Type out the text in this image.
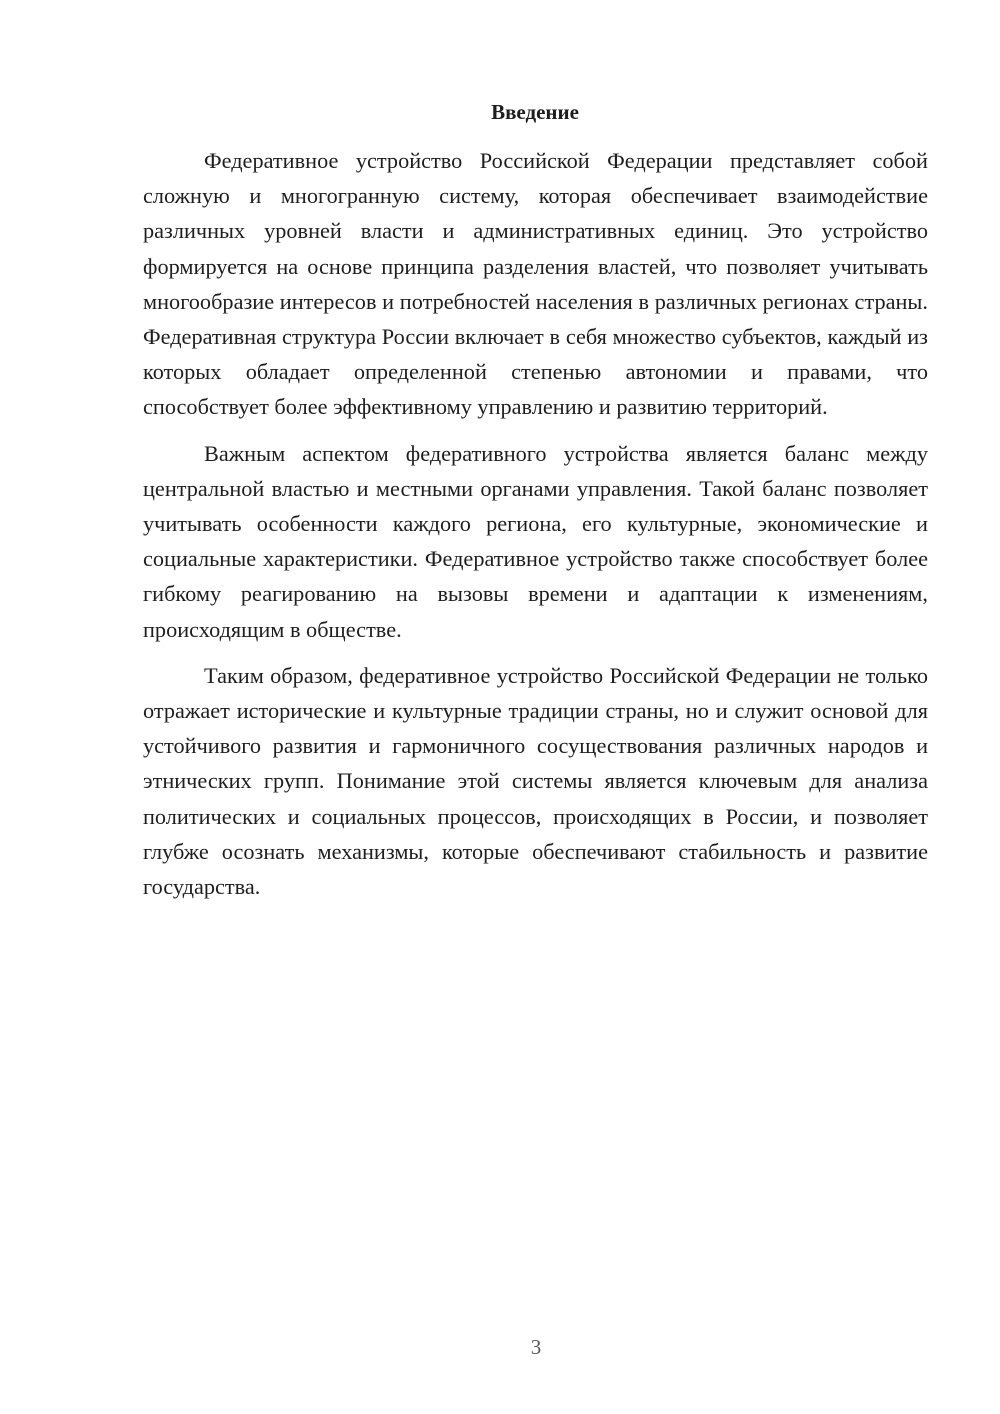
Введение

Федеративное устройство Российской Федерации представляет собой сложную и многогранную систему, которая обеспечивает взаимодействие различных уровней власти и административных единиц. Это устройство формируется на основе принципа разделения властей, что позволяет учитывать многообразие интересов и потребностей населения в различных регионах страны. Федеративная структура России включает в себя множество субъектов, каждый из которых обладает определенной степенью автономии и правами, что способствует более эффективному управлению и развитию территорий.

Важным аспектом федеративного устройства является баланс между центральной властью и местными органами управления. Такой баланс позволяет учитывать особенности каждого региона, его культурные, экономические и социальные характеристики. Федеративное устройство также способствует более гибкому реагированию на вызовы времени и адаптации к изменениям, происходящим в обществе.

Таким образом, федеративное устройство Российской Федерации не только отражает исторические и культурные традиции страны, но и служит основой для устойчивого развития и гармоничного сосуществования различных народов и этнических групп. Понимание этой системы является ключевым для анализа политических и социальных процессов, происходящих в России, и позволяет глубже осознать механизмы, которые обеспечивают стабильность и развитие государства.

3
